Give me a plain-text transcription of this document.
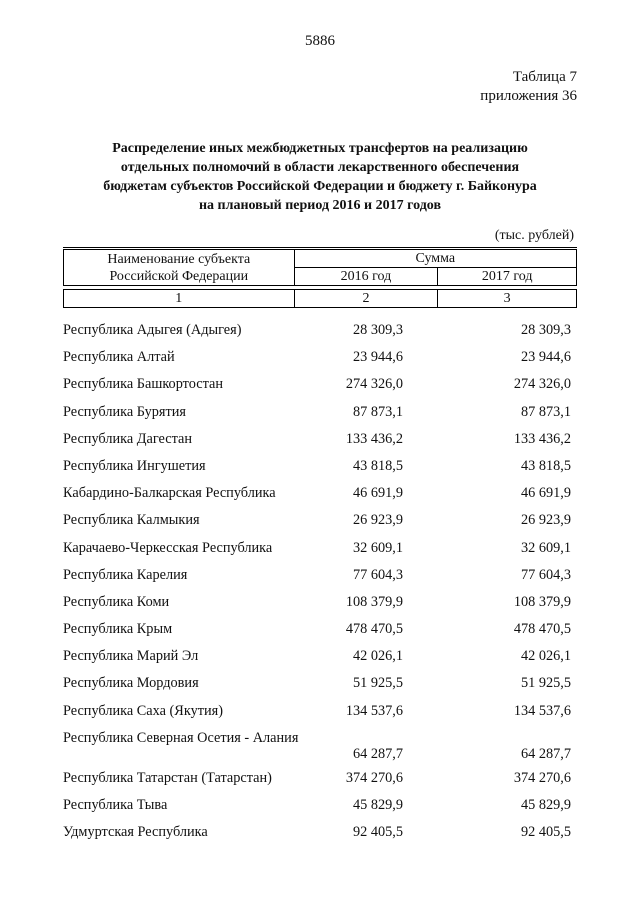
5886
Таблица 7
приложения 36
Распределение иных межбюджетных трансфертов на реализацию
отдельных полномочий в области лекарственного обеспечения
бюджетам субъектов Российской Федерации и бюджету г. Байконура
на плановый период 2016 и 2017 годов
(тыс. рублей)
Наименование субъекта
Российской Федерации	Сумма	
	2016 год	2017 год

1	2	3
Республика Адыгея (Адыгея)	28 309,3	28 309,3
Республика Алтай	23 944,6	23 944,6
Республика Башкортостан	274 326,0	274 326,0
Республика Бурятия	87 873,1	87 873,1
Республика Дагестан	133 436,2	133 436,2
Республика Ингушетия	43 818,5	43 818,5
Кабардино-Балкарская Республика	46 691,9	46 691,9
Республика Калмыкия	26 923,9	26 923,9
Карачаево-Черкесская Республика	32 609,1	32 609,1
Республика Карелия	77 604,3	77 604,3
Республика Коми	108 379,9	108 379,9
Республика Крым	478 470,5	478 470,5
Республика Марий Эл	42 026,1	42 026,1
Республика Мордовия	51 925,5	51 925,5
Республика Саха (Якутия)	134 537,6	134 537,6
Республика Северная Осетия - Алания
64 287,7	64 287,7
Республика Татарстан (Татарстан)	374 270,6	374 270,6
Республика Тыва	45 829,9	45 829,9
Удмуртская Республика	92 405,5	92 405,5
